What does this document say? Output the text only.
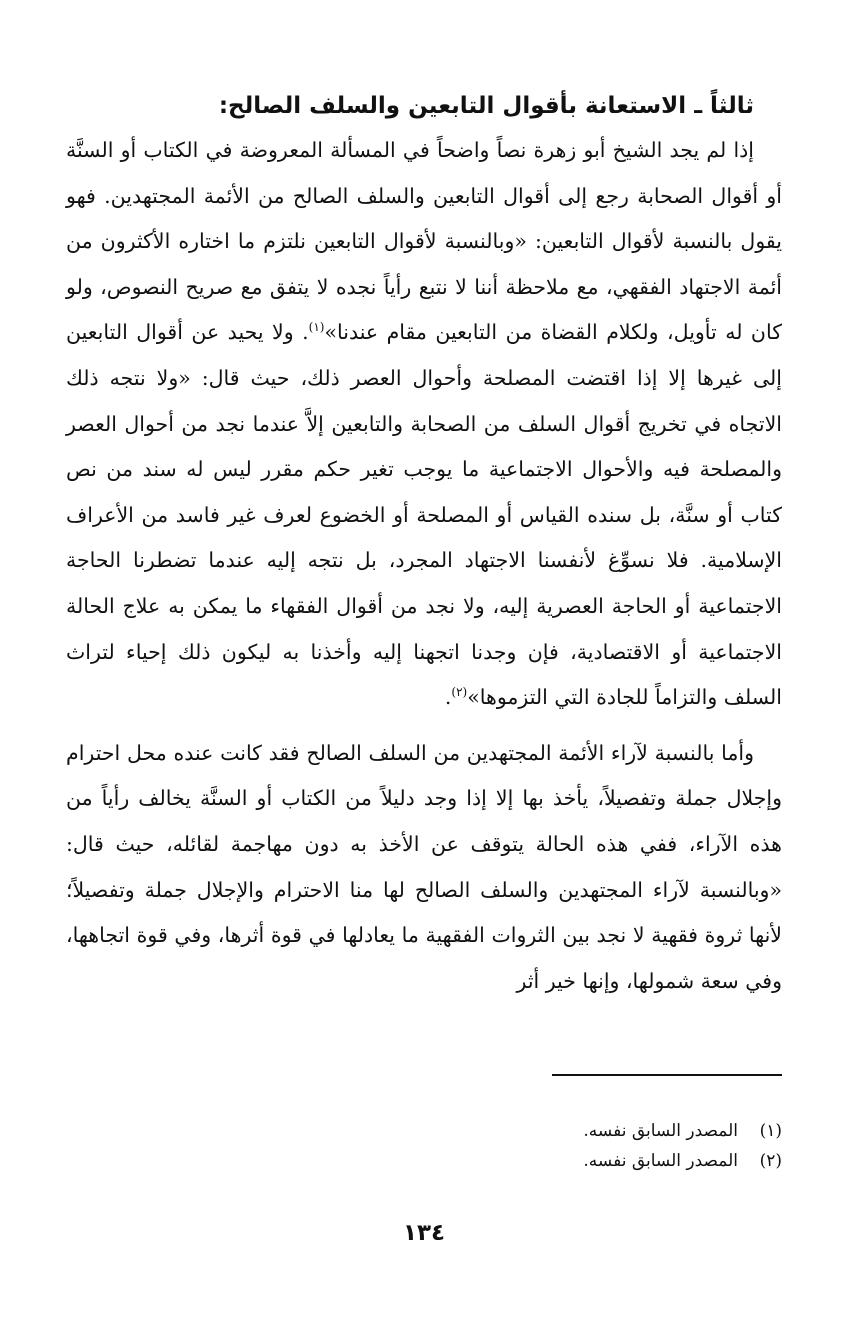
ثالثاً ـ الاستعانة بأقوال التابعين والسلف الصالح:

إذا لم يجد الشيخ أبو زهرة نصاً واضحاً في المسألة المعروضة في الكتاب أو السنَّة أو أقوال الصحابة رجع إلى أقوال التابعين والسلف الصالح من الأئمة المجتهدين. فهو يقول بالنسبة لأقوال التابعين: «وبالنسبة لأقوال التابعين نلتزم ما اختاره الأكثرون من أئمة الاجتهاد الفقهي، مع ملاحظة أننا لا نتبع رأياً نجده لا يتفق مع صريح النصوص، ولو كان له تأويل، ولكلام القضاة من التابعين مقام عندنا»$^{(١)}$. ولا يحيد عن أقوال التابعين إلى غيرها إلا إذا اقتضت المصلحة وأحوال العصر ذلك، حيث قال: «ولا نتجه ذلك الاتجاه في تخريج أقوال السلف من الصحابة والتابعين إلاَّ عندما نجد من أحوال العصر والمصلحة فيه والأحوال الاجتماعية ما يوجب تغير حكم مقرر ليس له سند من نص كتاب أو سنَّة، بل سنده القياس أو المصلحة أو الخضوع لعرف غير فاسد من الأعراف الإسلامية. فلا نسوِّغ لأنفسنا الاجتهاد المجرد، بل نتجه إليه عندما تضطرنا الحاجة الاجتماعية أو الحاجة العصرية إليه، ولا نجد من أقوال الفقهاء ما يمكن به علاج الحالة الاجتماعية أو الاقتصادية، فإن وجدنا اتجهنا إليه وأخذنا به ليكون ذلك إحياء لتراث السلف والتزاماً للجادة التي التزموها»$^{(٢)}$.

وأما بالنسبة لآراء الأئمة المجتهدين من السلف الصالح فقد كانت عنده محل احترام وإجلال جملة وتفصيلاً، يأخذ بها إلا إذا وجد دليلاً من الكتاب أو السنَّة يخالف رأياً من هذه الآراء، ففي هذه الحالة يتوقف عن الأخذ به دون مهاجمة لقائله، حيث قال: «وبالنسبة لآراء المجتهدين والسلف الصالح لها منا الاحترام والإجلال جملة وتفصيلاً؛ لأنها ثروة فقهية لا نجد بين الثروات الفقهية ما يعادلها في قوة أثرها، وفي قوة اتجاهها، وفي سعة شمولها، وإنها خير أثر

(١)المصدر السابق نفسه.

(٢)المصدر السابق نفسه.

١٣٤
